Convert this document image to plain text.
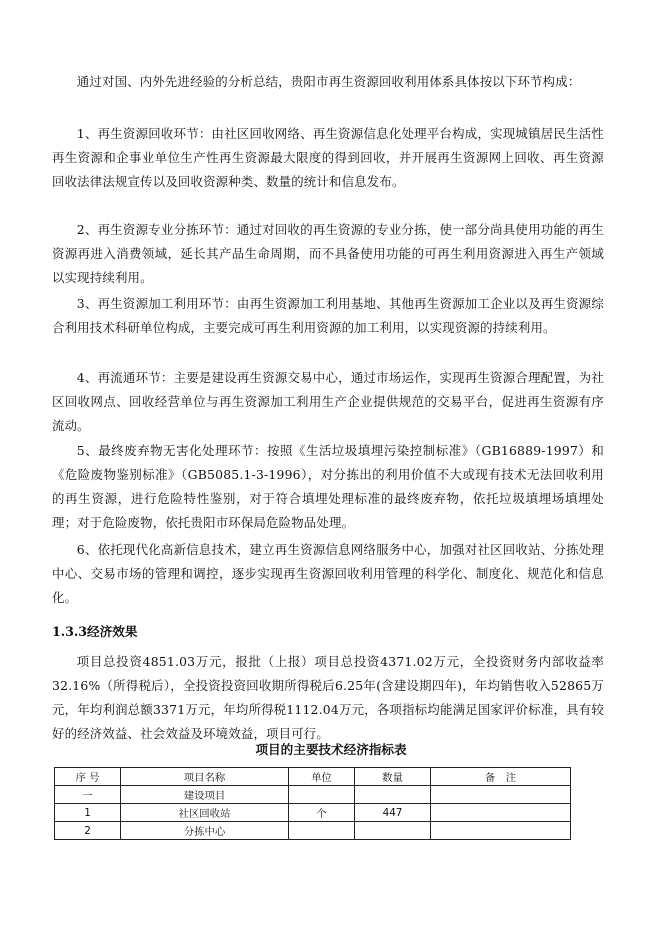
通过对国、内外先进经验的分析总结，贵阳市再生资源回收利用体系具体按以下环节构成：

1、再生资源回收环节：由社区回收网络、再生资源信息化处理平台构成，实现城镇居民生活性再生资源和企事业单位生产性再生资源最大限度的得到回收，并开展再生资源网上回收、再生资源回收法律法规宣传以及回收资源种类、数量的统计和信息发布。

2、再生资源专业分拣环节：通过对回收的再生资源的专业分拣，使一部分尚具使用功能的再生资源再进入消费领域，延长其产品生命周期，而不具备使用功能的可再生利用资源进入再生产领域以实现持续利用。

3、再生资源加工利用环节：由再生资源加工利用基地、其他再生资源加工企业以及再生资源综合利用技术科研单位构成，主要完成可再生利用资源的加工利用，以实现资源的持续利用。

4、再流通环节：主要是建设再生资源交易中心，通过市场运作，实现再生资源合理配置，为社区回收网点、回收经营单位与再生资源加工利用生产企业提供规范的交易平台，促进再生资源有序流动。

5、最终废弃物无害化处理环节：按照《生活垃圾填埋污染控制标准》（GB16889-1997）和《危险废物鉴别标准》（GB5085.1-3-1996），对分拣出的利用价值不大或现有技术无法回收利用的再生资源，进行危险特性鉴别，对于符合填埋处理标准的最终废弃物，依托垃圾填埋场填埋处理；对于危险废物，依托贵阳市环保局危险物品处理。

6、依托现代化高新信息技术，建立再生资源信息网络服务中心，加强对社区回收站、分拣处理中心、交易市场的管理和调控，逐步实现再生资源回收利用管理的科学化、制度化、规范化和信息化。

1.3.3经济效果

项目总投资4851.03万元，报批（上报）项目总投资4371.02万元，全投资财务内部收益率32.16%（所得税后），全投资投资回收期所得税后6.25年(含建设期四年)，年均销售收入52865万元，年均利润总额3371万元，年均所得税1112.04万元，各项指标均能满足国家评价标准，具有较好的经济效益、社会效益及环境效益，项目可行。

项目的主要技术经济指标表
序 号	项目名称	单位	数量	备　注
一	建设项目			
1	社区回收站	个	447	
2	分拣中心			
